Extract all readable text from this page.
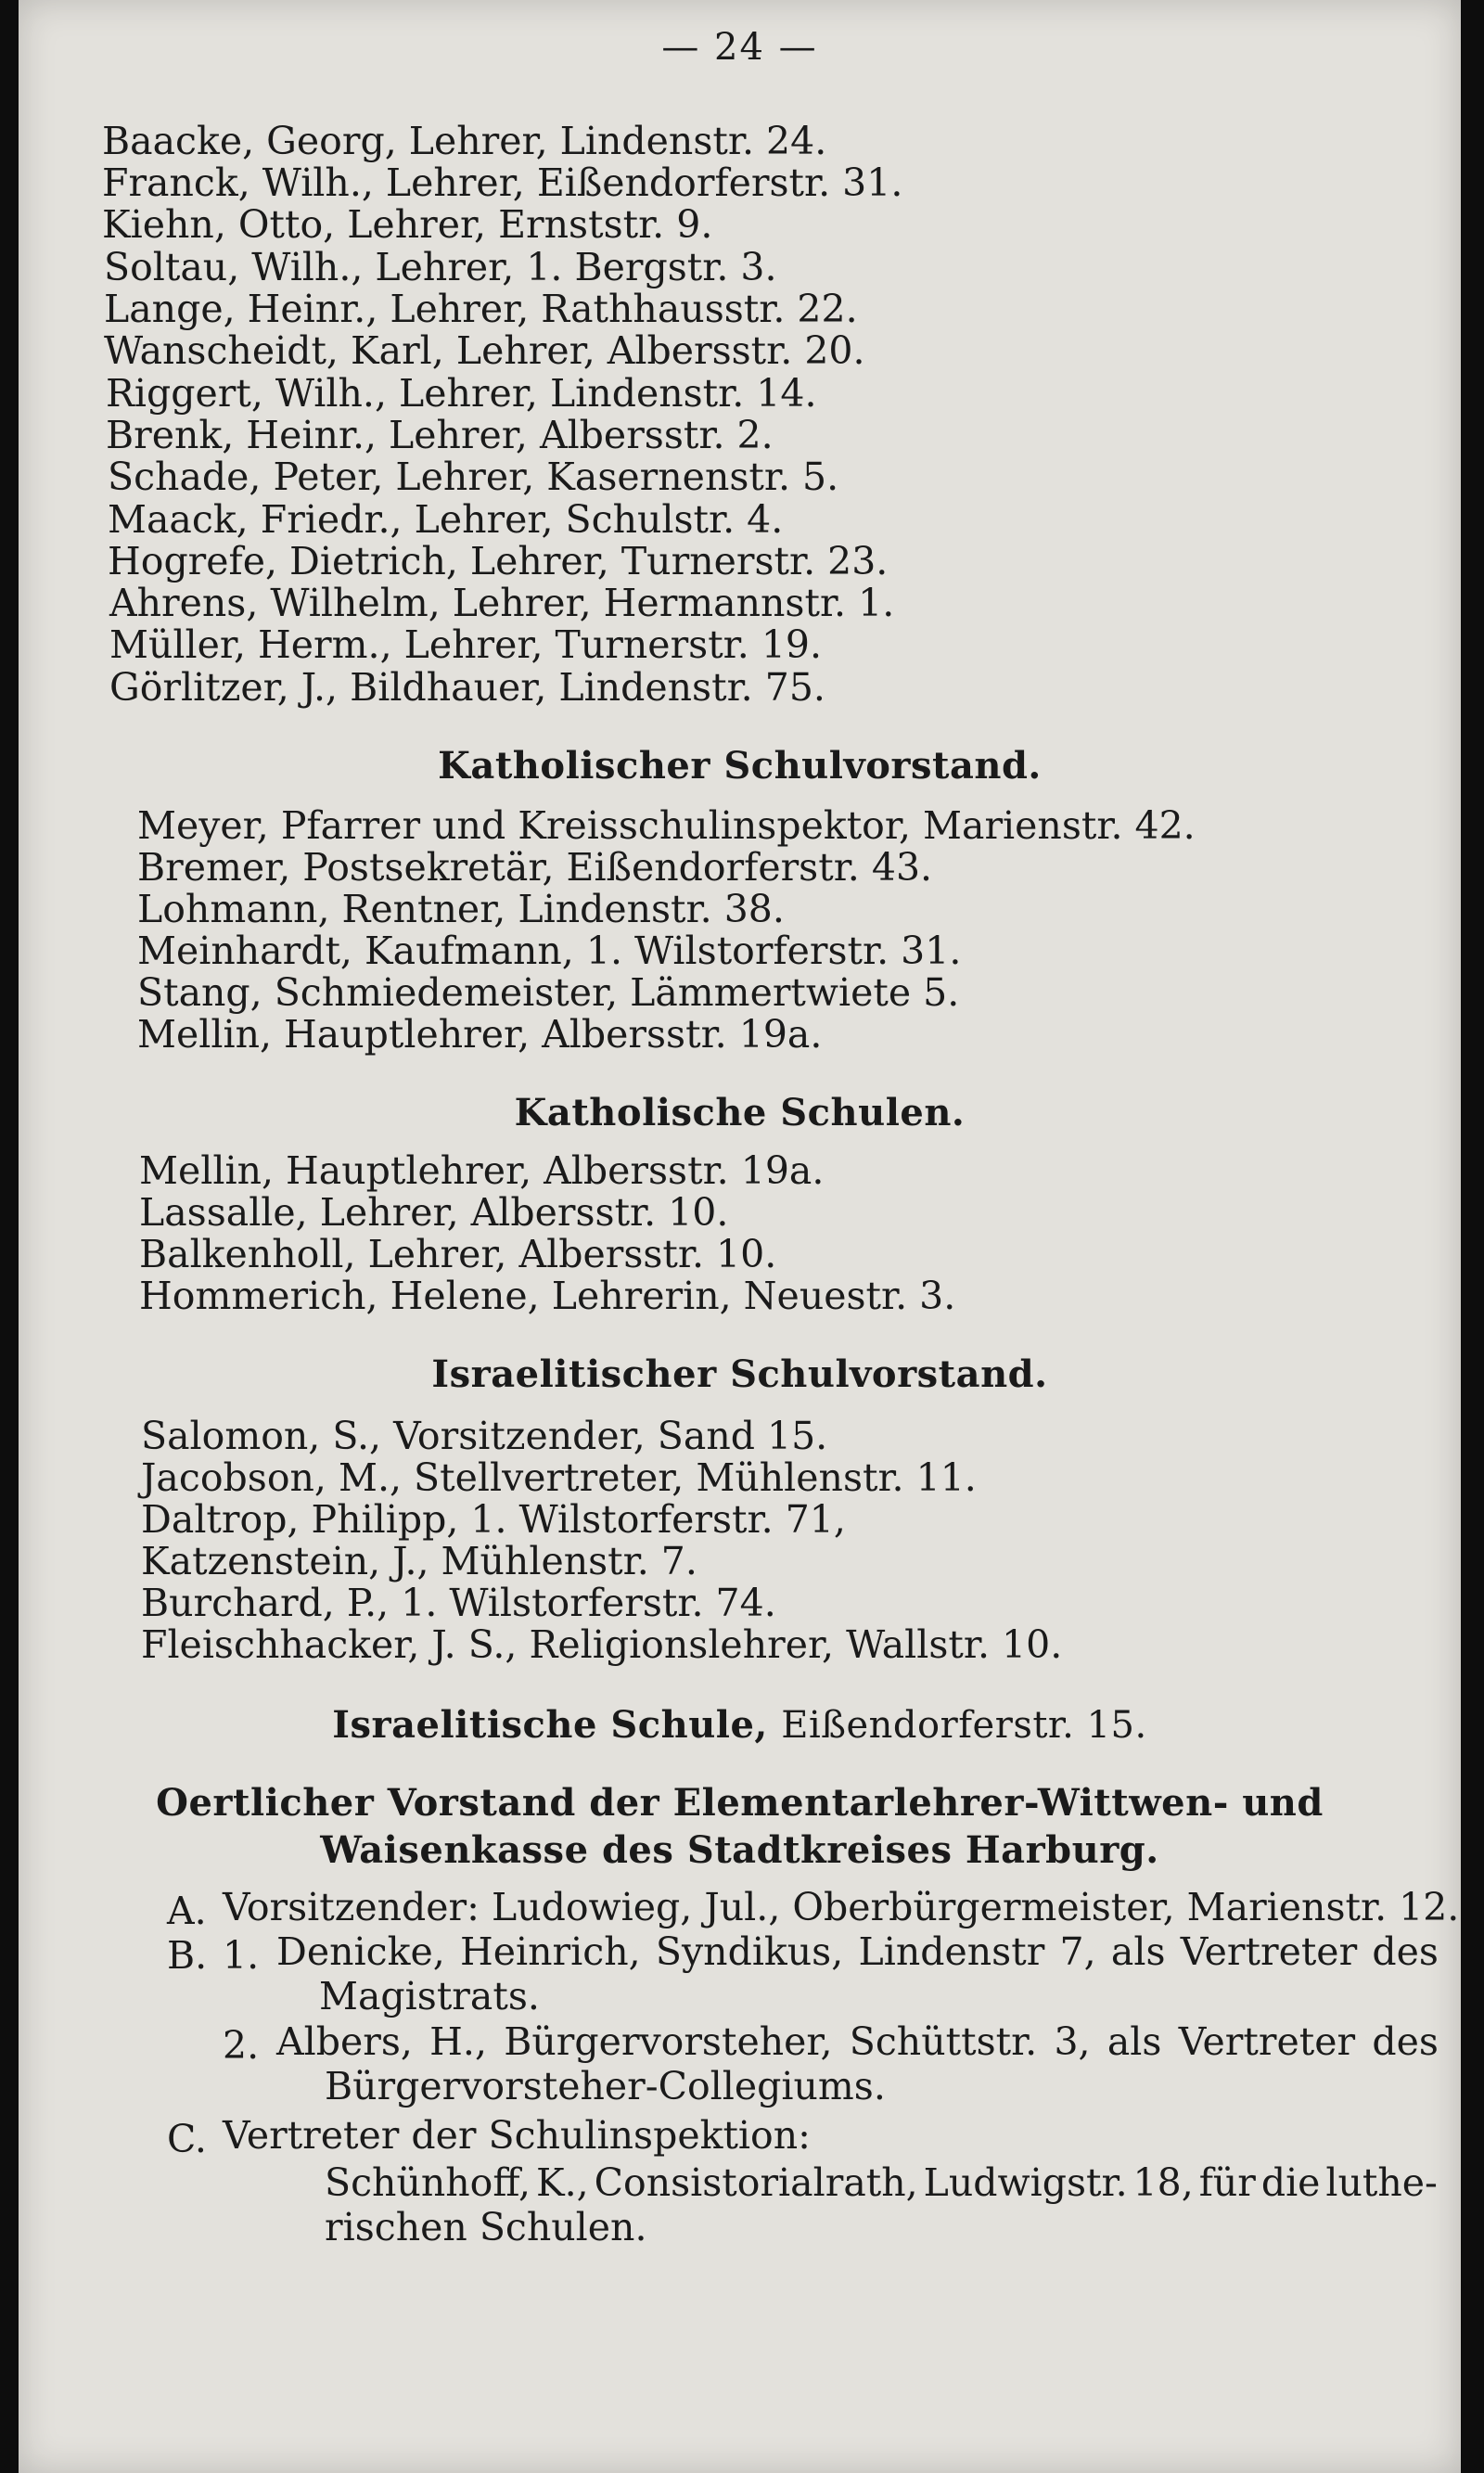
— 24 —
Baacke, Georg, Lehrer, Lindenstr. 24.
Franck, Wilh., Lehrer, Eißendorferstr. 31.
Kiehn, Otto, Lehrer, Ernststr. 9.
Soltau, Wilh., Lehrer, 1. Bergstr. 3.
Lange, Heinr., Lehrer, Rathhausstr. 22.
Wanscheidt, Karl, Lehrer, Albersstr. 20.
Riggert, Wilh., Lehrer, Lindenstr. 14.
Brenk, Heinr., Lehrer, Albersstr. 2.
Schade, Peter, Lehrer, Kasernenstr. 5.
Maack, Friedr., Lehrer, Schulstr. 4.
Hogrefe, Dietrich, Lehrer, Turnerstr. 23.
Ahrens, Wilhelm, Lehrer, Hermannstr. 1.
Müller, Herm., Lehrer, Turnerstr. 19.
Görlitzer, J., Bildhauer, Lindenstr. 75.
Katholischer Schulvorstand.
Meyer, Pfarrer und Kreisschulinspektor, Marienstr. 42.
Bremer, Postsekretär, Eißendorferstr. 43.
Lohmann, Rentner, Lindenstr. 38.
Meinhardt, Kaufmann, 1. Wilstorferstr. 31.
Stang, Schmiedemeister, Lämmertwiete 5.
Mellin, Hauptlehrer, Albersstr. 19a.
Katholische Schulen.
Mellin, Hauptlehrer, Albersstr. 19a.
Lassalle, Lehrer, Albersstr. 10.
Balkenholl, Lehrer, Albersstr. 10.
Hommerich, Helene, Lehrerin, Neuestr. 3.
Israelitischer Schulvorstand.
Salomon, S., Vorsitzender, Sand 15.
Jacobson, M., Stellvertreter, Mühlenstr. 11.
Daltrop, Philipp, 1. Wilstorferstr. 71,
Katzenstein, J., Mühlenstr. 7.
Burchard, P., 1. Wilstorferstr. 74.
Fleischhacker, J. S., Religionslehrer, Wallstr. 10.
Israelitische Schule, Eißendorferstr. 15.
Oertlicher Vorstand der Elementarlehrer-Wittwen- und
Waisenkasse des Stadtkreises Harburg.
A. Vorsitzender: Ludowieg, Jul., Oberbürgermeister, Marienstr. 12.
B. 1. Denicke, Heinrich, Syndikus, Lindenstr 7, als Vertreter des
Magistrats.
2. Albers, H., Bürgervorsteher, Schüttstr. 3, als Vertreter des
Bürgervorsteher-Collegiums.
C. Vertreter der Schulinspektion:
Schünhoff, K., Consistorialrath, Ludwigstr. 18, für die luthe-
rischen Schulen.
